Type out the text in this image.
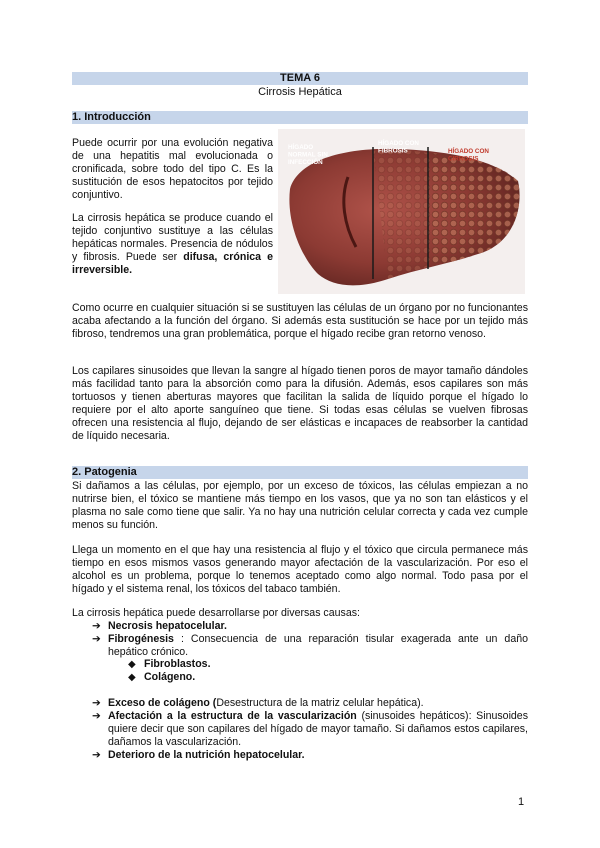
TEMA 6
Cirrosis Hepática
1. Introducción

Puede ocurrir por una evolución negativa de una hepatitis mal evolucionada o cronificada, sobre todo del tipo C. Es la sustitución de esos hepatocitos por tejido conjuntivo.

La cirrosis hepática se produce cuando el tejido conjuntivo sustituye a las células hepáticas normales. Presencia de nódulos y fibrosis. Puede ser difusa, crónica e irreversible.

HÍGADO NORMAL SIN INFECCIÓN
HÍGADO CON FIBROSIS	HÍGADO CON CIRROSIS

Como ocurre en cualquier situación si se sustituyen las células de un órgano por no funcionantes acaba afectando a la función del órgano. Si además esta sustitución se hace por un tejido más fibroso, tendremos una gran problemática, porque el hígado recibe gran retorno venoso.

Los capilares sinusoides que llevan la sangre al hígado tienen poros de mayor tamaño dándoles más facilidad tanto para la absorción como para la difusión. Además, esos capilares son más tortuosos y tienen aberturas mayores que facilitan la salida de líquido porque el hígado lo requiere por el alto aporte sanguíneo que tiene. Si todas esas células se vuelven fibrosas ofrecen una resistencia al flujo, dejando de ser elásticas e incapaces de reabsorber la cantidad de líquido necesaria.

2. Patogenia

Si dañamos a las células, por ejemplo, por un exceso de tóxicos, las células empiezan a no nutrirse bien, el tóxico se mantiene más tiempo en los vasos, que ya no son tan elásticos y el plasma no sale como tiene que salir. Ya no hay una nutrición celular correcta y cada vez cumple menos su función.

Llega un momento en el que hay una resistencia al flujo y el tóxico que circula permanece más tiempo en esos mismos vasos generando mayor afectación de la vascularización. Por eso el alcohol es un problema, porque lo tenemos aceptado como algo normal. Todo pasa por el hígado y el sistema renal, los tóxicos del tabaco también.

La cirrosis hepática puede desarrollarse por diversas causas:

➔ Necrosis hepatocelular.

➔ Fibrogénesis : Consecuencia de una reparación tisular exagerada ante un daño hepático crónico.

◆ Fibroblastos.

◆ Colágeno.

➔ Exceso de colágeno (Desestructura de la matriz celular hepática).

➔ Afectación a la estructura de la vascularización (sinusoides hepáticos): Sinusoides quiere decir que son capilares del hígado de mayor tamaño. Si dañamos estos capilares, dañamos la vascularización.

➔ Deterioro de la nutrición hepatocelular.

1
